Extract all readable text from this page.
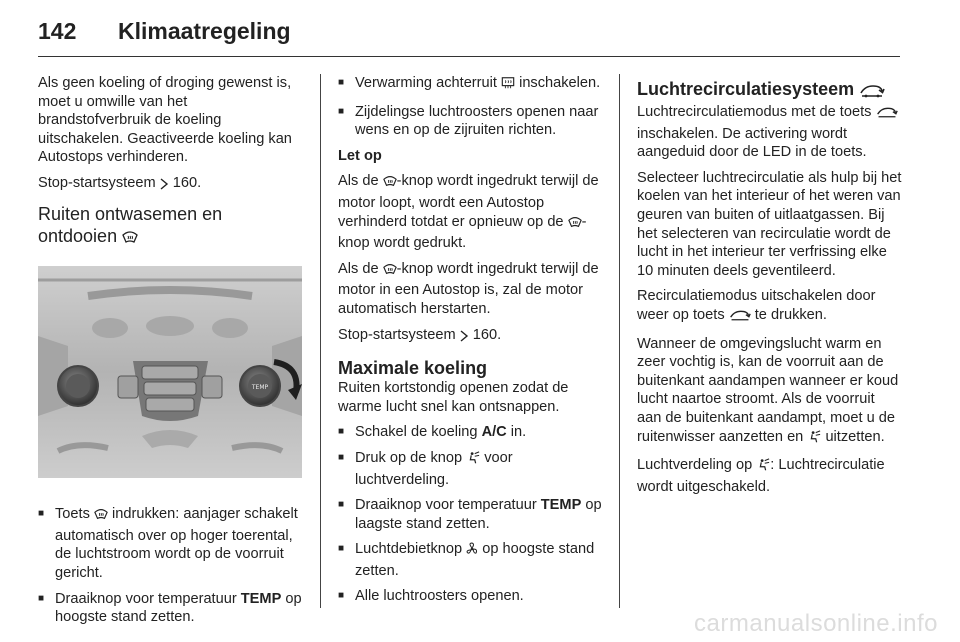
142 Klimaatregeling

Als geen koeling of droging gewenst is, moet u omwille van het brandstofverbruik de koeling uitschakelen. Geactiveerde koeling kan Autostops verhinderen.

Stop-startsysteem 160.

Ruiten ontwasemen en ontdooien
TEMP
■ Toets indrukken: aanjager schakelt automatisch over op hoger toerental, de luchtstroom wordt op de voorruit gericht.
■ Draaiknop voor temperatuur TEMP op hoogste stand zetten.
■ Verwarming achterruit inschakelen.
■ Zijdelingse luchtroosters openen naar wens en op de zijruiten richten.

Let op

Als de -knop wordt ingedrukt terwijl de motor loopt, wordt een Autostop verhinderd totdat er opnieuw op de -knop wordt gedrukt.

Als de -knop wordt ingedrukt terwijl de motor in een Autostop is, zal de motor automatisch herstarten.

Stop-startsysteem 160.

Maximale koeling

Ruiten kortstondig openen zodat de warme lucht snel kan ontsnappen.

■ Schakel de koeling A/C in.
■ Druk op de knop voor luchtverdeling.
■ Draaiknop voor temperatuur TEMP op laagste stand zetten.
■ Luchtdebietknop op hoogste stand zetten.
■ Alle luchtroosters openen.
Luchtrecirculatiesysteem

Luchtrecirculatiemodus met de toets  inschakelen. De activering wordt aangeduid door de LED in de toets.

Selecteer luchtrecirculatie als hulp bij het koelen van het interieur of het weren van geuren van buiten of uitlaatgassen. Bij het selecteren van recirculatie wordt de lucht in het interieur ter verfrissing elke 10 minuten deels geventileerd.

Recirculatiemodus uitschakelen door weer op toets te drukken.

Wanneer de omgevingslucht warm en zeer vochtig is, kan de voorruit aan de buitenkant aandampen wanneer er koud lucht naartoe stroomt. Als de voorruit aan de buitenkant aandampt, moet u de ruitenwisser aanzetten en uitzetten.

Luchtverdeling op : Luchtrecirculatie wordt uitgeschakeld.

carmanualsonline.info
